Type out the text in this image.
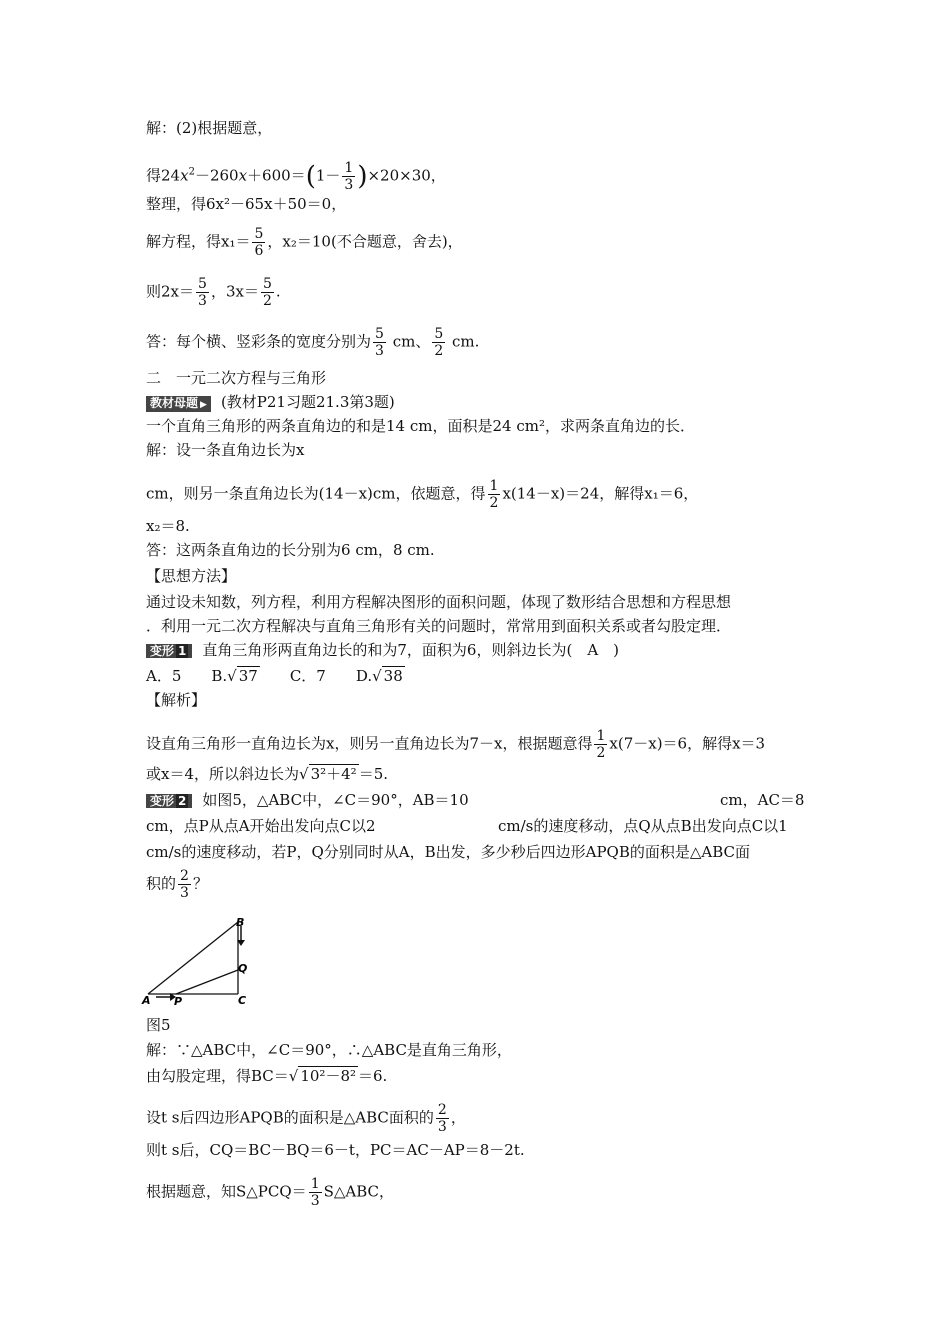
解：(2)根据题意，
得$24x^2-260x+600=(1- \frac{1}{3} )\times 20\times 30$，
整理，得6x²－65x＋50＝0，
解方程，得$x_1= \frac{5}{6}$ ，x₂＝10(不合题意，舍去)，
则$2x= \frac{5}{3}$ ，$3x= \frac{5}{2}$ .
答：每个横、竖彩条的宽度分别为 $\frac{5}{3}$ cm、 $\frac{5}{2}$ cm.
二　一元二次方程与三角形
教材母题 ▶ (教材P21习题21.3第3题)
一个直角三角形的两条直角边的和是14 cm，面积是24 cm²，求两条直角边的长．
解：设一条直角边长为x
cm，则另一条直角边长为(14－x)cm，依题意，得 $\frac{1}{2} x(14-x)=24$，解得x₁＝6，
x₂＝8.
答：这两条直角边的长分别为6 cm，8 cm.
【思想方法】
通过设未知数，列方程，利用方程解决图形的面积问题，体现了数形结合思想和方程思想
．利用一元二次方程解决与直角三角形有关的问题时，常常用到面积关系或者勾股定理．
变形 1 直角三角形两直角边长的和为7，面积为6，则斜边长为(　A　)
A．5　　B.√ 37　　C．7　　D.√ 38
【解析】
设直角三角形一直角边长为x，则另一直角边长为7－x，根据题意得 $\frac{1}{2} x(7-x)=6$，解得x＝3
或x＝4，所以斜边长为√ 3²＋4² ＝5.
变形 2 如图5，△ABC中，∠C＝90°，AB＝10	cm，AC＝8
cm，点P从点A开始出发向点C以2	cm/s的速度移动，点Q从点B出发向点C以1
cm/s的速度移动，若P，Q分别同时从A，B出发，多少秒后四边形APQB的面积是△ABC面
积的 $\frac{2}{3}$ ？
B
Q
A P	C
图5
解：∵△ABC中，∠C＝90°，∴△ABC是直角三角形，
由勾股定理，得BC＝√ 10²－8² ＝6.
设t s后四边形APQB的面积是△ABC面积的 $\frac{2}{3}$ ，
则t s后，CQ＝BC－BQ＝6－t，PC＝AC－AP＝8－2t.
根据题意，知S△PCQ＝ $\frac{1}{3}$ S△ABC，
